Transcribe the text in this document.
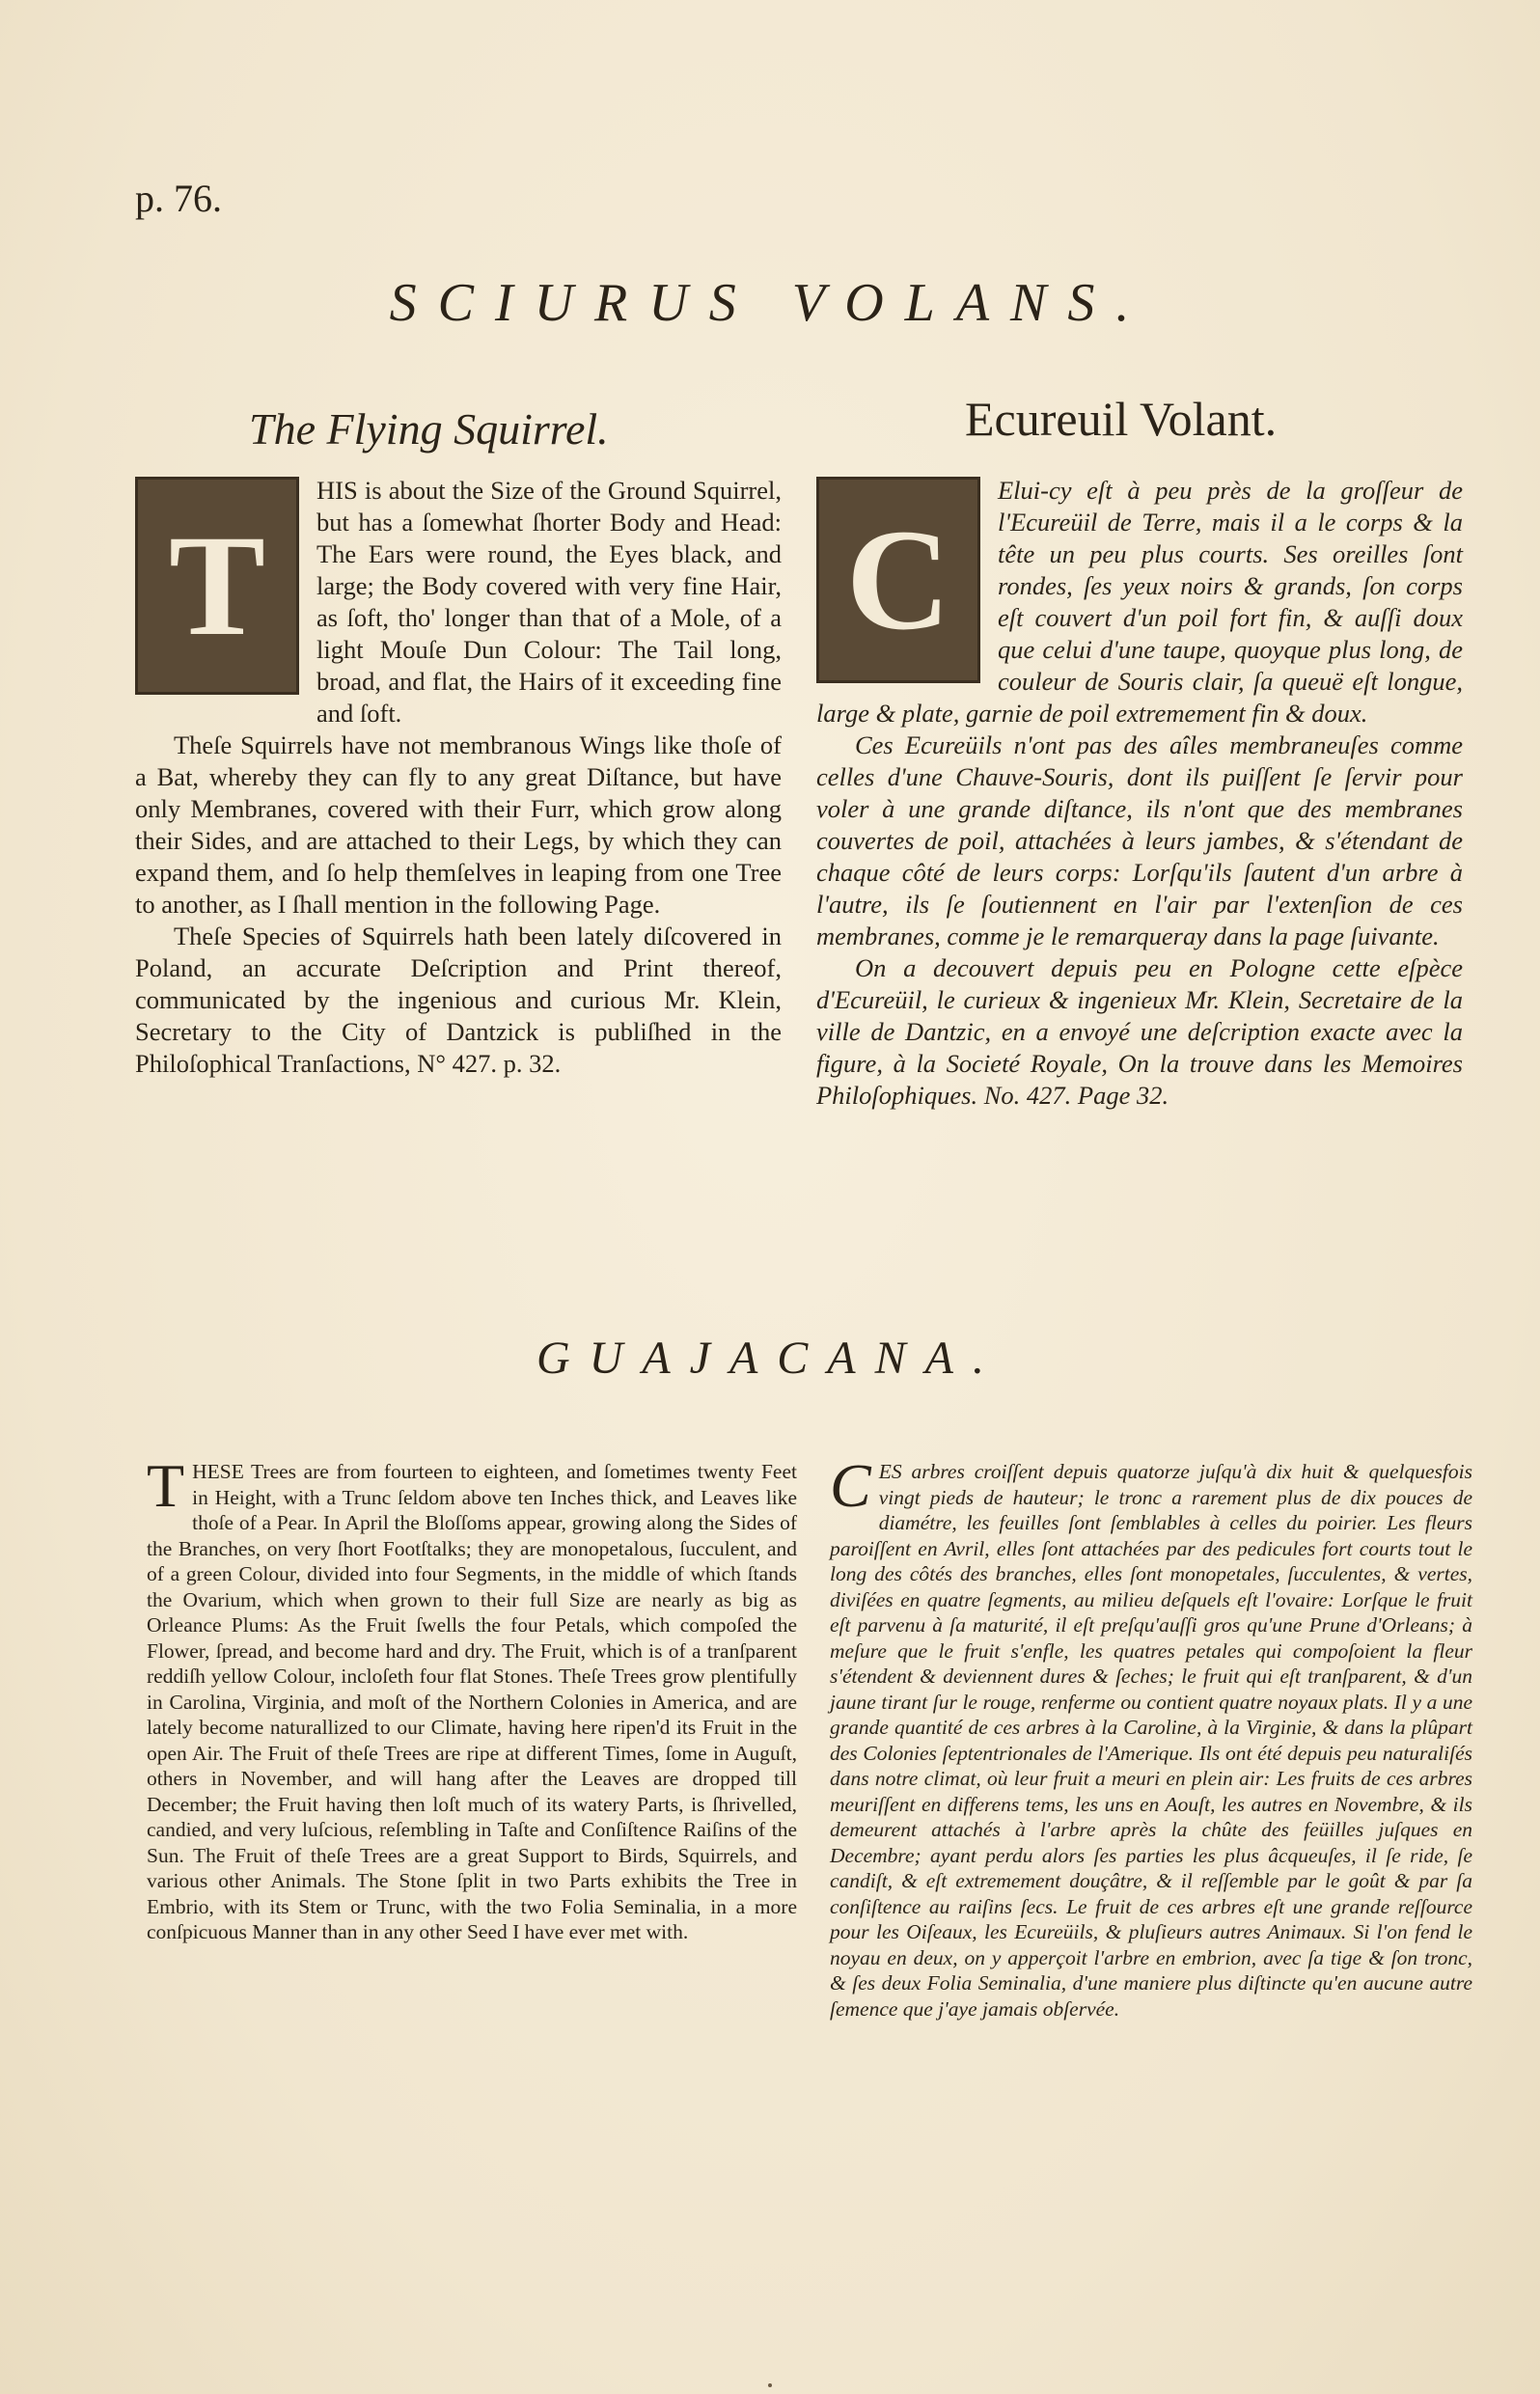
p. 76.
SCIURUS VOLANS.
The Flying Squirrel.	Ecureuil Volant.
T

HIS is about the Size of the Ground Squirrel, but has a ſomewhat ſhorter Body and Head: The Ears were round, the Eyes black, and large; the Body covered with very fine Hair, as ſoft, tho' longer than that of a Mole, of a light Mouſe Dun Colour: The Tail long, broad, and flat, the Hairs of it exceeding fine and ſoft.

Theſe Squirrels have not membranous Wings like thoſe of a Bat, whereby they can fly to any great Diſtance, but have only Membranes, covered with their Furr, which grow along their Sides, and are attached to their Legs, by which they can expand them, and ſo help themſelves in leaping from one Tree to another, as I ſhall mention in the following Page.

Theſe Species of Squirrels hath been lately diſcovered in Poland, an accurate Deſcription and Print thereof, communicated by the ingenious and curious Mr. Klein, Secretary to the City of Dantzick is publiſhed in the Philoſophical Tranſactions, N° 427. p. 32.

C

Elui-cy eſt à peu près de la groſſeur de l'Ecureüil de Terre, mais il a le corps & la tête un peu plus courts. Ses oreilles ſont rondes, ſes yeux noirs & grands, ſon corps eſt couvert d'un poil fort fin, & auſſi doux que celui d'une taupe, quoyque plus long, de couleur de Souris clair, ſa queuë eſt longue, large & plate, garnie de poil extremement fin & doux.

Ces Ecureüils n'ont pas des aîles membraneuſes comme celles d'une Chauve-Souris, dont ils puiſſent ſe ſervir pour voler à une grande diſtance, ils n'ont que des membranes couvertes de poil, attachées à leurs jambes, & s'étendant de chaque côté de leurs corps: Lorſqu'ils ſautent d'un arbre à l'autre, ils ſe ſoutiennent en l'air par l'extenſion de ces membranes, comme je le remarqueray dans la page ſuivante.

On a decouvert depuis peu en Pologne cette eſpèce d'Ecureüil, le curieux & ingenieux Mr. Klein, Secretaire de la ville de Dantzic, en a envoyé une deſcription exacte avec la figure, à la Societé Royale, On la trouve dans les Memoires Philoſophiques. No. 427. Page 32.

GUAJACANA.
T HESE Trees are from fourteen to eighteen, and ſometimes twenty Feet in Height, with a Trunc ſeldom above ten Inches thick, and Leaves like thoſe of a Pear. In April the Bloſſoms appear, growing along the Sides of the Branches, on very ſhort Footſtalks; they are monopetalous, ſucculent, and of a green Colour, divided into four Segments, in the middle of which ſtands the Ovarium, which when grown to their full Size are nearly as big as Orleance Plums: As the Fruit ſwells the four Petals, which compoſed the Flower, ſpread, and become hard and dry. The Fruit, which is of a tranſparent reddiſh yellow Colour, incloſeth four flat Stones. Theſe Trees grow plentifully in Carolina, Virginia, and moſt of the Northern Colonies in America, and are lately become naturallized to our Climate, having here ripen'd its Fruit in the open Air. The Fruit of theſe Trees are ripe at different Times, ſome in Auguſt, others in November, and will hang after the Leaves are dropped till December; the Fruit having then loſt much of its watery Parts, is ſhrivelled, candied, and very luſcious, reſembling in Taſte and Conſiſtence Raiſins of the Sun. The Fruit of theſe Trees are a great Support to Birds, Squirrels, and various other Animals. The Stone ſplit in two Parts exhibits the Tree in Embrio, with its Stem or Trunc, with the two Folia Seminalia, in a more conſpicuous Manner than in any other Seed I have ever met with.

C ES arbres croiſſent depuis quatorze juſqu'à dix huit & quelquesfois vingt pieds de hauteur; le tronc a rarement plus de dix pouces de diamétre, les feuilles ſont ſemblables à celles du poirier. Les fleurs paroiſſent en Avril, elles ſont attachées par des pedicules fort courts tout le long des côtés des branches, elles ſont monopetales, ſucculentes, & vertes, diviſées en quatre ſegments, au milieu deſquels eſt l'ovaire: Lorſque le fruit eſt parvenu à ſa maturité, il eſt preſqu'auſſi gros qu'une Prune d'Orleans; à meſure que le fruit s'enfle, les quatres petales qui compoſoient la fleur s'étendent & deviennent dures & ſeches; le fruit qui eſt tranſparent, & d'un jaune tirant ſur le rouge, renferme ou contient quatre noyaux plats. Il y a une grande quantité de ces arbres à la Caroline, à la Virginie, & dans la plûpart des Colonies ſeptentrionales de l'Amerique. Ils ont été depuis peu naturaliſés dans notre climat, où leur fruit a meuri en plein air: Les fruits de ces arbres meuriſſent en differens tems, les uns en Aouſt, les autres en Novembre, & ils demeurent attachés à l'arbre après la chûte des feüilles juſques en Decembre; ayant perdu alors ſes parties les plus âcqueuſes, il ſe ride, ſe candiſt, & eſt extremement douçâtre, & il reſſemble par le goût & par ſa conſiſtence au raiſins ſecs. Le fruit de ces arbres eſt une grande reſſource pour les Oiſeaux, les Ecureüils, & pluſieurs autres Animaux. Si l'on fend le noyau en deux, on y apperçoit l'arbre en embrion, avec ſa tige & ſon tronc, & ſes deux Folia Seminalia, d'une maniere plus diſtincte qu'en aucune autre ſemence que j'aye jamais obſervée.
